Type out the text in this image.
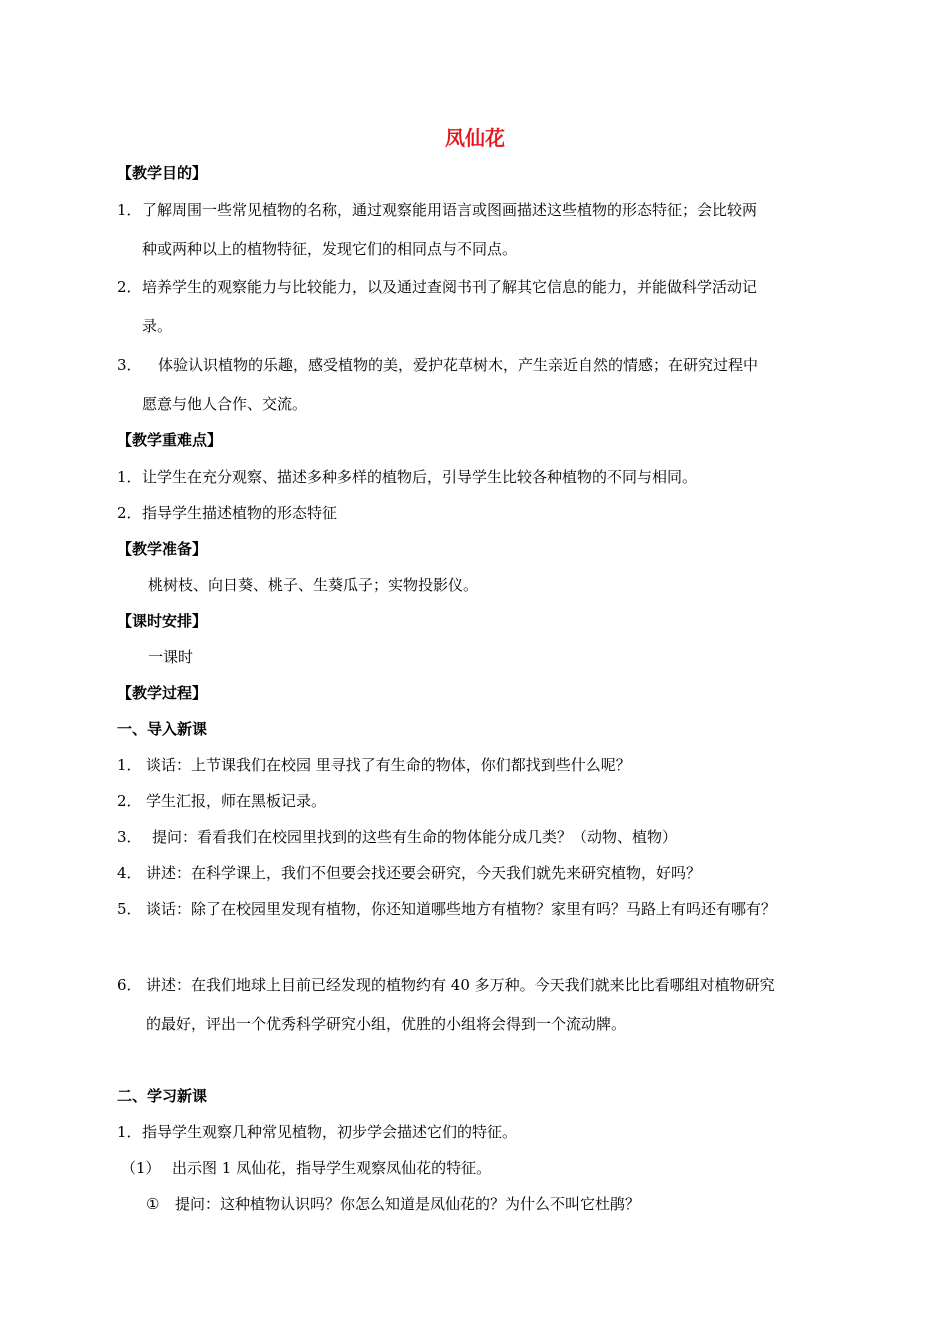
凤仙花
【教学目的】
1． 了解周围一些常见植物的名称，通过观察能用语言或图画描述这些植物的形态特征；会比较两
种或两种以上的植物特征，发现它们的相同点与不同点。
2． 培养学生的观察能力与比较能力，以及通过查阅书刊了解其它信息的能力，并能做科学活动记
录。
3． 体验认识植物的乐趣，感受植物的美，爱护花草树木，产生亲近自然的情感；在研究过程中
愿意与他人合作、交流。
【教学重难点】
1． 让学生在充分观察、描述多种多样的植物后，引导学生比较各种植物的不同与相同。
2． 指导学生描述植物的形态特征
【教学准备】
桃树枝、向日葵、桃子、生葵瓜子；实物投影仪。
【课时安排】
一课时
【教学过程】
一、导入新课
1． 谈话：上节课我们在校园 里寻找了有生命的物体，你们都找到些什么呢？
2． 学生汇报，师在黑板记录。
3． 提问：看看我们在校园里找到的这些有生命的物体能分成几类？（动物、植物）
4． 讲述：在科学课上，我们不但要会找还要会研究，今天我们就先来研究植物，好吗？
5． 谈话：除了在校园里发现有植物，你还知道哪些地方有植物？家里有吗？马路上有吗还有哪有？
6． 讲述：在我们地球上目前已经发现的植物约有 40 多万种。今天我们就来比比看哪组对植物研究
的最好，评出一个优秀科学研究小组，优胜的小组将会得到一个流动牌。
二、学习新课
1． 指导学生观察几种常见植物，初步学会描述它们的特征。
（1） 出示图 1 凤仙花，指导学生观察凤仙花的特征。
① 提问：这种植物认识吗？你怎么知道是凤仙花的？为什么不叫它杜鹃？
